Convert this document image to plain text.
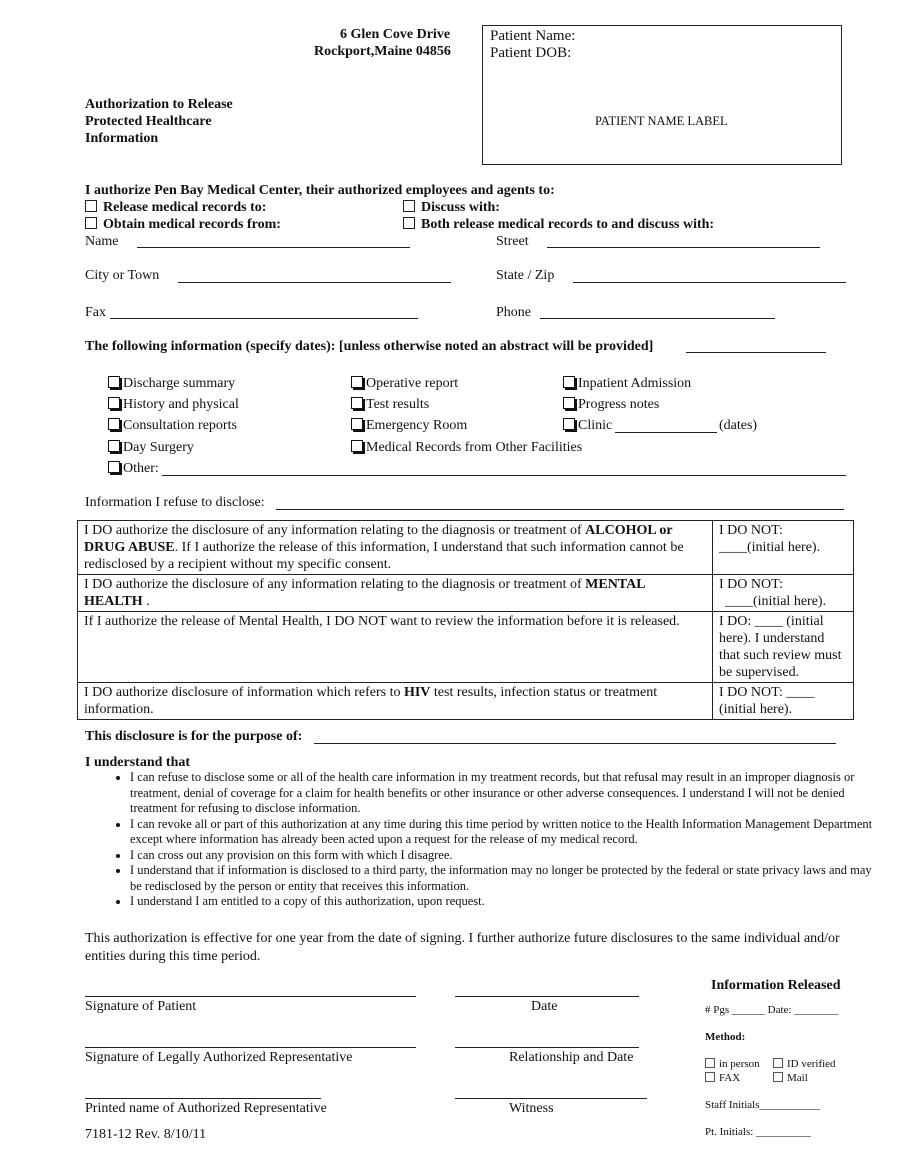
6 Glen Cove Drive
Rockport,Maine 04856
Authorization to Release
Protected Healthcare
Information
Patient Name:
Patient DOB:
PATIENT NAME LABEL
I authorize Pen Bay Medical Center, their authorized employees and agents to:
Release medical records to:
Obtain medical records from:
Discuss with:
Both release medical records to and discuss with:
Name	Street
City or Town	State / Zip
Fax	Phone
The following information (specify dates): [unless otherwise noted an abstract will be provided]
Discharge summary
History and physical
Consultation reports
Day Surgery
Other:
Operative report
Test results
Emergency Room
Medical Records from Other Facilities
Inpatient Admission
Progress notes
Clinic	(dates)
Information I refuse to disclose:
I DO authorize the disclosure of any information relating to the diagnosis or treatment of ALCOHOL or DRUG ABUSE. If I authorize the release of this information, I understand that such information cannot be redisclosed by a recipient without my specific consent.	I DO NOT:
____(initial here).

I DO authorize the disclosure of any information relating to the diagnosis or treatment of MENTAL HEALTH .	I DO NOT:
____(initial here).

If I authorize the release of Mental Health, I DO NOT want to review the information before it is released.	I DO: ____ (initial here). I understand that such review must be supervised.
I DO authorize disclosure of information which refers to HIV test results, infection status or treatment information.	I DO NOT: ____
(initial here).
This disclosure is for the purpose of:
I understand that
• I can refuse to disclose some or all of the health care information in my treatment records, but that refusal may result in an improper diagnosis or treatment, denial of coverage for a claim for health benefits or other insurance or other adverse consequences. I understand I will not be denied treatment for refusing to disclose information.
• I can revoke all or part of this authorization at any time during this time period by written notice to the Health Information Management Department except where information has already been acted upon a request for the release of my medical record.
• I can cross out any provision on this form with which I disagree.
• I understand that if information is disclosed to a third party, the information may no longer be protected by the federal or state privacy laws and may be redisclosed by the person or entity that receives this information.
• I understand I am entitled to a copy of this authorization, upon request.
This authorization is effective for one year from the date of signing. I further authorize future disclosures to the same individual and/or entities during this time period.
Signature of Patient	Date
Signature of Legally Authorized Representative	Relationship and Date
Printed name of Authorized Representative	Witness
7181-12 Rev. 8/10/11
Information Released
# Pgs ______ Date: ________
Method:
in person	ID verified
FAX	Mail
Staff Initials___________
Pt. Initials: __________
